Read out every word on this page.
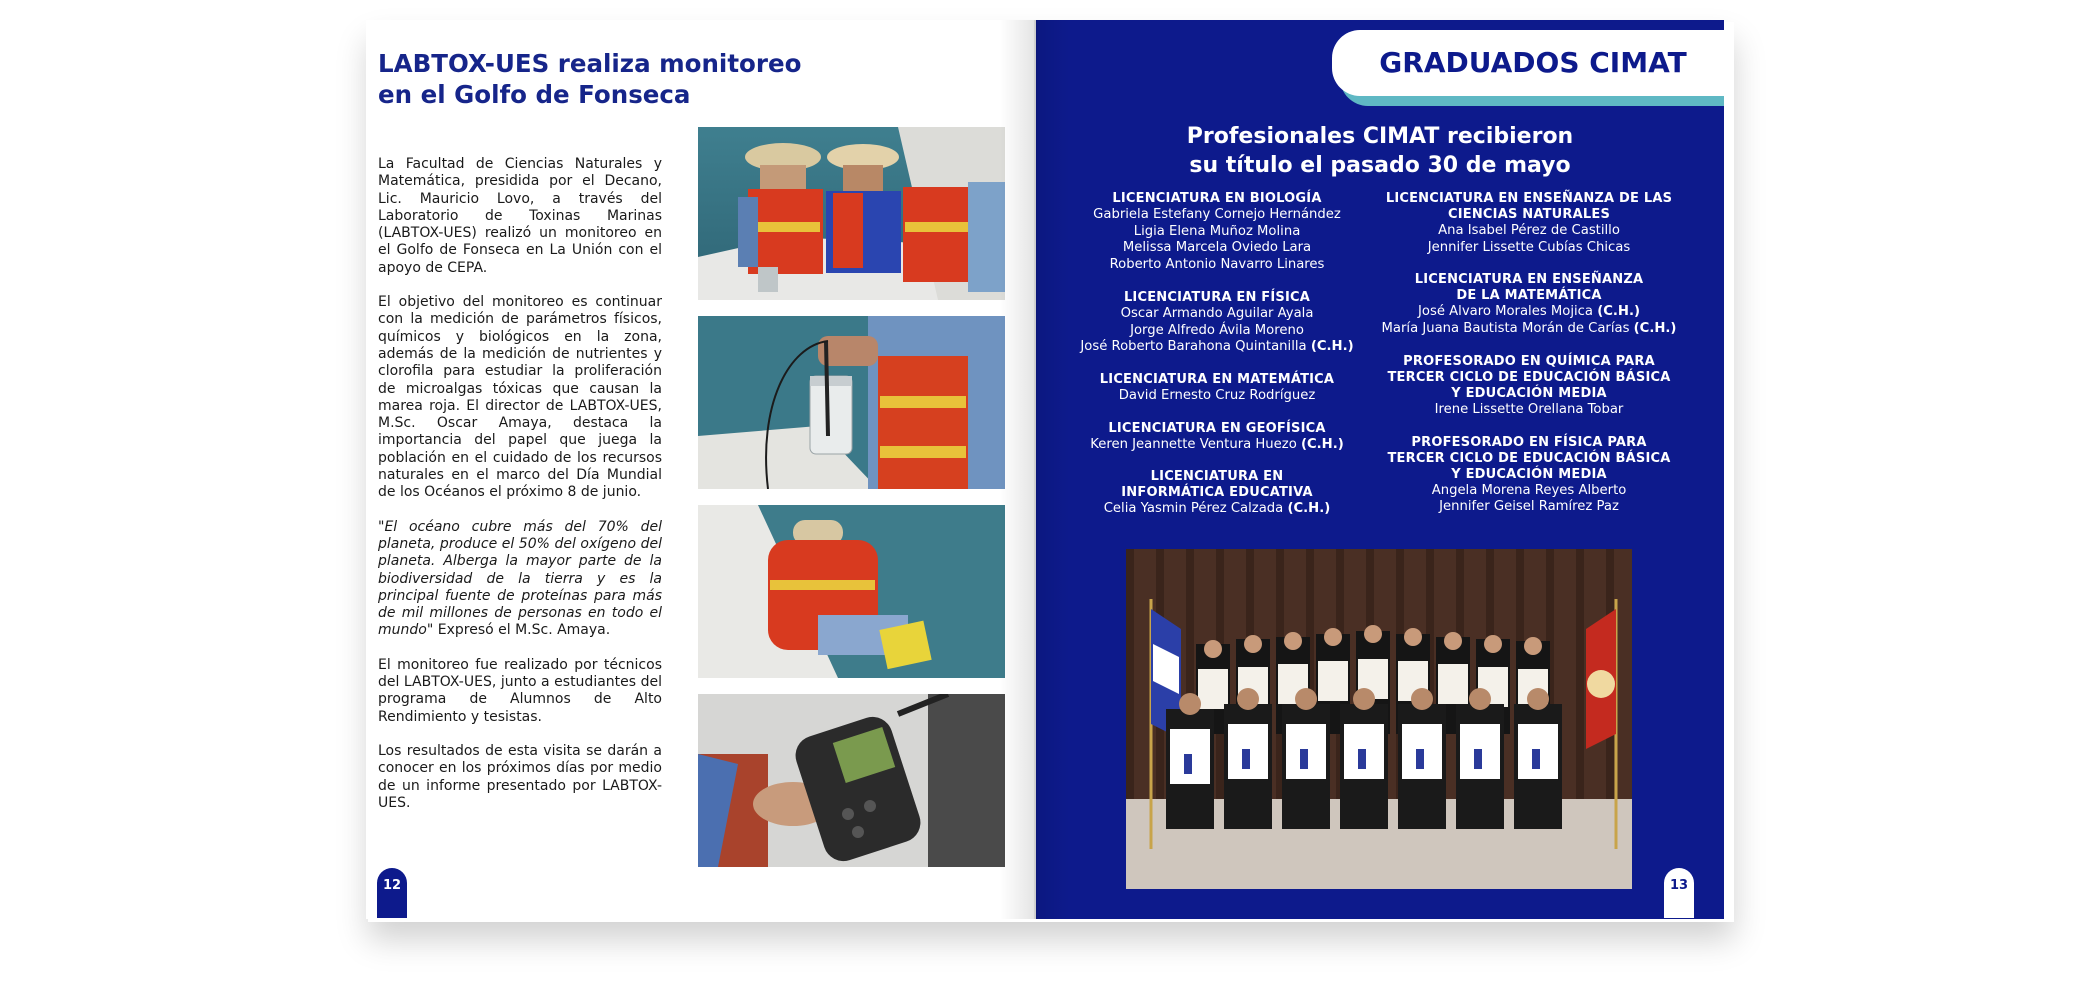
LABTOX-UES realiza monitoreo
en el Golfo de Fonseca

La Facultad de Ciencias Naturales y Matemática, presidida por el Decano, Lic. Mauricio Lovo, a través del Laboratorio de Toxinas Marinas (LABTOX-UES) realizó un monitoreo en el Golfo de Fonseca en La Unión con el apoyo de CEPA.

El objetivo del monitoreo es continuar con la medición de parámetros físicos, químicos y biológicos en la zona, además de la medición de nutrientes y clorofila para estudiar la proliferación de microalgas tóxicas que causan la marea roja. El director de LABTOX-UES, M.Sc. Oscar Amaya, destaca la importancia del papel que juega la población en el cuidado de los recursos naturales en el marco del Día Mundial de los Océanos el próximo 8 de junio.

"El océano cubre más del 70% del planeta, produce el 50% del oxígeno del planeta. Alberga la mayor parte de la biodiversidad de la tierra y es la principal fuente de proteínas para más de mil millones de personas en todo el mundo" Expresó el M.Sc. Amaya.

El monitoreo fue realizado por técnicos del LABTOX-UES, junto a estudiantes del programa de Alumnos de Alto Rendimiento y tesistas.

Los resultados de esta visita se darán a conocer en los próximos días por medio de un informe presentado por LABTOX-UES.

12
GRADUADOS CIMAT
Profesionales CIMAT recibieron
su título el pasado 30 de mayo
LICENCIATURA EN BIOLOGÍA
Gabriela Estefany Cornejo Hernández
Ligia Elena Muñoz Molina
Melissa Marcela Oviedo Lara
Roberto Antonio Navarro Linares
LICENCIATURA EN FÍSICA
Oscar Armando Aguilar Ayala
Jorge Alfredo Ávila Moreno
José Roberto Barahona Quintanilla (C.H.)
LICENCIATURA EN MATEMÁTICA
David Ernesto Cruz Rodríguez
LICENCIATURA EN GEOFÍSICA
Keren Jeannette Ventura Huezo (C.H.)
LICENCIATURA EN
INFORMÁTICA EDUCATIVA
Celia Yasmin Pérez Calzada (C.H.)
LICENCIATURA EN ENSEÑANZA DE LAS
CIENCIAS NATURALES
Ana Isabel Pérez de Castillo
Jennifer Lissette Cubías Chicas
LICENCIATURA EN ENSEÑANZA
DE LA MATEMÁTICA
José Alvaro Morales Mojica (C.H.)
María Juana Bautista Morán de Carías (C.H.)
PROFESORADO EN QUÍMICA PARA
TERCER CICLO DE EDUCACIÓN BÁSICA
Y EDUCACIÓN MEDIA
Irene Lissette Orellana Tobar
PROFESORADO EN FÍSICA PARA
TERCER CICLO DE EDUCACIÓN BÁSICA
Y EDUCACIÓN MEDIA
Angela Morena Reyes Alberto
Jennifer Geisel Ramírez Paz
13
